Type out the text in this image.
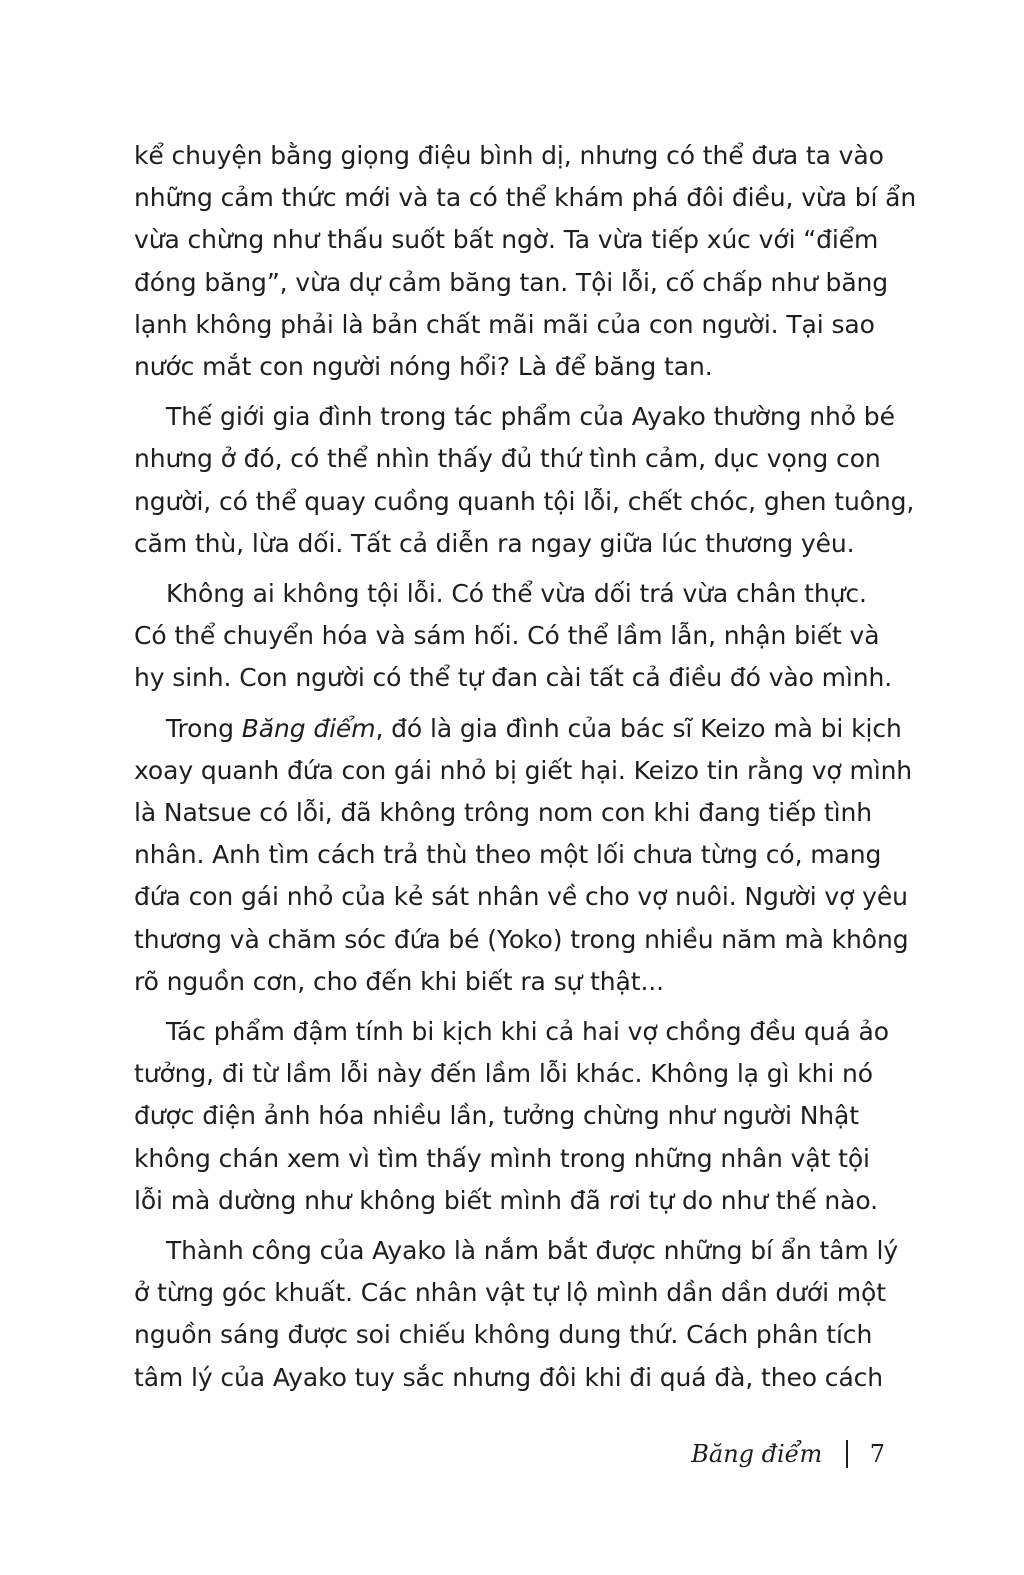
kể chuyện bằng giọng điệu bình dị, nhưng có thể đưa ta vào
những cảm thức mới và ta có thể khám phá đôi điều, vừa bí ẩn
vừa chừng như thấu suốt bất ngờ. Ta vừa tiếp xúc với “điểm
đóng băng”, vừa dự cảm băng tan. Tội lỗi, cố chấp như băng
lạnh không phải là bản chất mãi mãi của con người. Tại sao
nước mắt con người nóng hổi? Là để băng tan.

Thế giới gia đình trong tác phẩm của Ayako thường nhỏ bé
nhưng ở đó, có thể nhìn thấy đủ thứ tình cảm, dục vọng con
người, có thể quay cuồng quanh tội lỗi, chết chóc, ghen tuông,
căm thù, lừa dối. Tất cả diễn ra ngay giữa lúc thương yêu.

Không ai không tội lỗi. Có thể vừa dối trá vừa chân thực.
Có thể chuyển hóa và sám hối. Có thể lầm lẫn, nhận biết và
hy sinh. Con người có thể tự đan cài tất cả điều đó vào mình.

Trong Băng điểm, đó là gia đình của bác sĩ Keizo mà bi kịch
xoay quanh đứa con gái nhỏ bị giết hại. Keizo tin rằng vợ mình
là Natsue có lỗi, đã không trông nom con khi đang tiếp tình
nhân. Anh tìm cách trả thù theo một lối chưa từng có, mang
đứa con gái nhỏ của kẻ sát nhân về cho vợ nuôi. Người vợ yêu
thương và chăm sóc đứa bé (Yoko) trong nhiều năm mà không
rõ nguồn cơn, cho đến khi biết ra sự thật...

Tác phẩm đậm tính bi kịch khi cả hai vợ chồng đều quá ảo
tưởng, đi từ lầm lỗi này đến lầm lỗi khác. Không lạ gì khi nó
được điện ảnh hóa nhiều lần, tưởng chừng như người Nhật
không chán xem vì tìm thấy mình trong những nhân vật tội
lỗi mà dường như không biết mình đã rơi tự do như thế nào.

Thành công của Ayako là nắm bắt được những bí ẩn tâm lý
ở từng góc khuất. Các nhân vật tự lộ mình dần dần dưới một
nguồn sáng được soi chiếu không dung thứ. Cách phân tích
tâm lý của Ayako tuy sắc nhưng đôi khi đi quá đà, theo cách

Băng điểm 7
